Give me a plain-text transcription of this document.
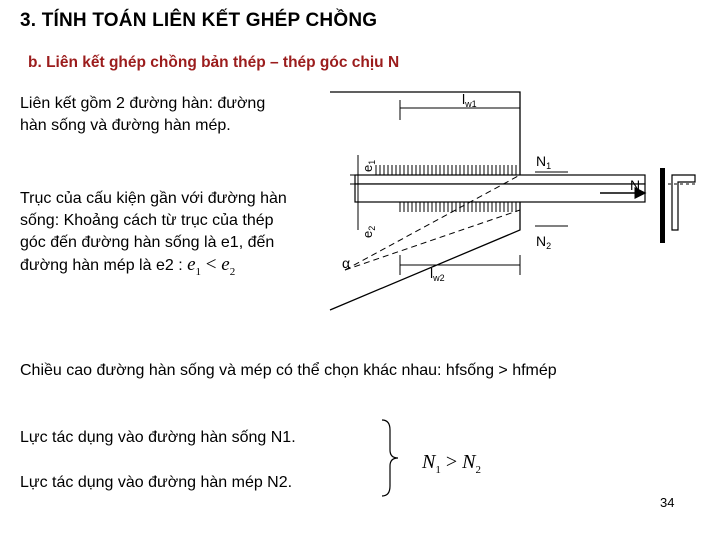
3. TÍNH TOÁN LIÊN KẾT GHÉP CHỒNG
b. Liên kết ghép chồng bản thép – thép góc chịu N
Liên kết gồm 2 đường hàn: đường hàn sống và đường hàn mép.
Trục của cấu kiện gần với đường hàn sống: Khoảng cách từ trục của thép góc đến đường hàn sống là e1, đến đường hàn mép là e2 : $e_1 < e_2$
$l_{w1}$
$l_{w2}$
$e_1$
$e_2$
α
$N_1$
$N_2$
N
Chiều cao đường hàn sống và mép có thể chọn khác nhau: hfsống > hfmép
Lực tác dụng vào đường hàn sống N1.
Lực tác dụng vào đường hàn mép N2.
$N_1 > N_2$
34
